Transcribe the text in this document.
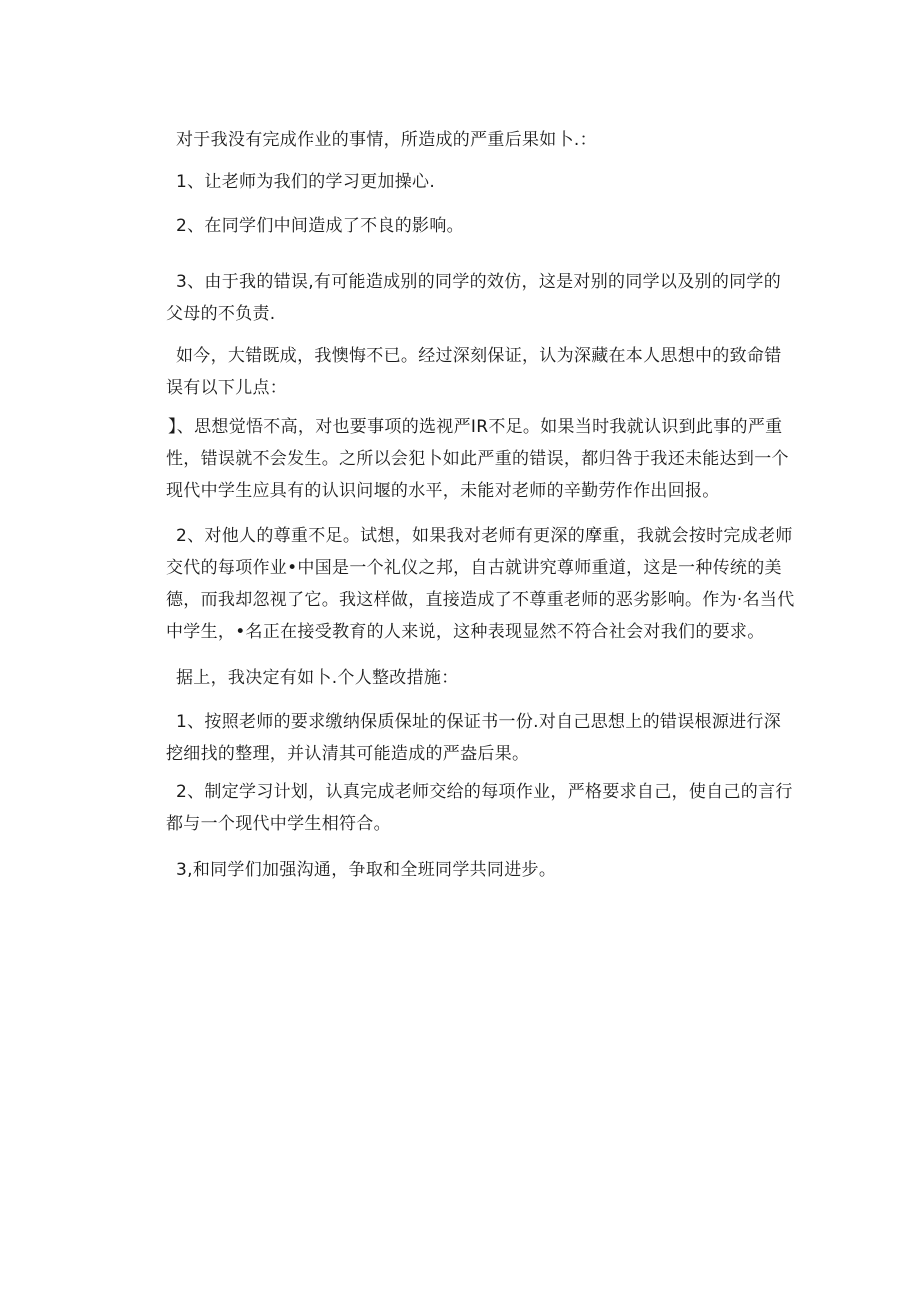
对于我没有完成作业的事情，所造成的严重后果如卜.：

1、让老师为我们的学习更加操心.

2、在同学们中间造成了不良的影响。

3、由于我的错误,有可能造成别的同学的效仿，这是对别的同学以及别的同学的父母的不负责.

如今，大错既成，我懊悔不已。经过深刻保证，认为深藏在本人思想中的致命错误有以下儿点：

】、思想觉悟不高，对也要事项的选视严IR不足。如果当时我就认识到此事的严重性，错误就不会发生。之所以会犯卜如此严重的错误，都归咎于我还未能达到一个现代中学生应具有的认识问堰的水平，未能对老师的辛勤劳作作出回报。

2、对他人的尊重不足。试想，如果我对老师有更深的摩重，我就会按时完成老师交代的每项作业•中国是一个礼仪之邦，自古就讲究尊师重道，这是一种传统的美德，而我却忽视了它。我这样做，直接造成了不尊重老师的恶劣影响。作为·名当代中学生，•名正在接受教育的人来说，这种表现显然不符合社会对我们的要求。

据上，我决定有如卜.个人整改措施：

1、按照老师的要求缴纳保质保址的保证书一份.对自己思想上的错误根源进行深挖细找的整理，并认清其可能造成的严盎后果。

2、制定学习计划，认真完成老师交给的每项作业，严格要求自己，使自己的言行都与一个现代中学生相符合。

3,和同学们加强沟通，争取和全班同学共同进步。
